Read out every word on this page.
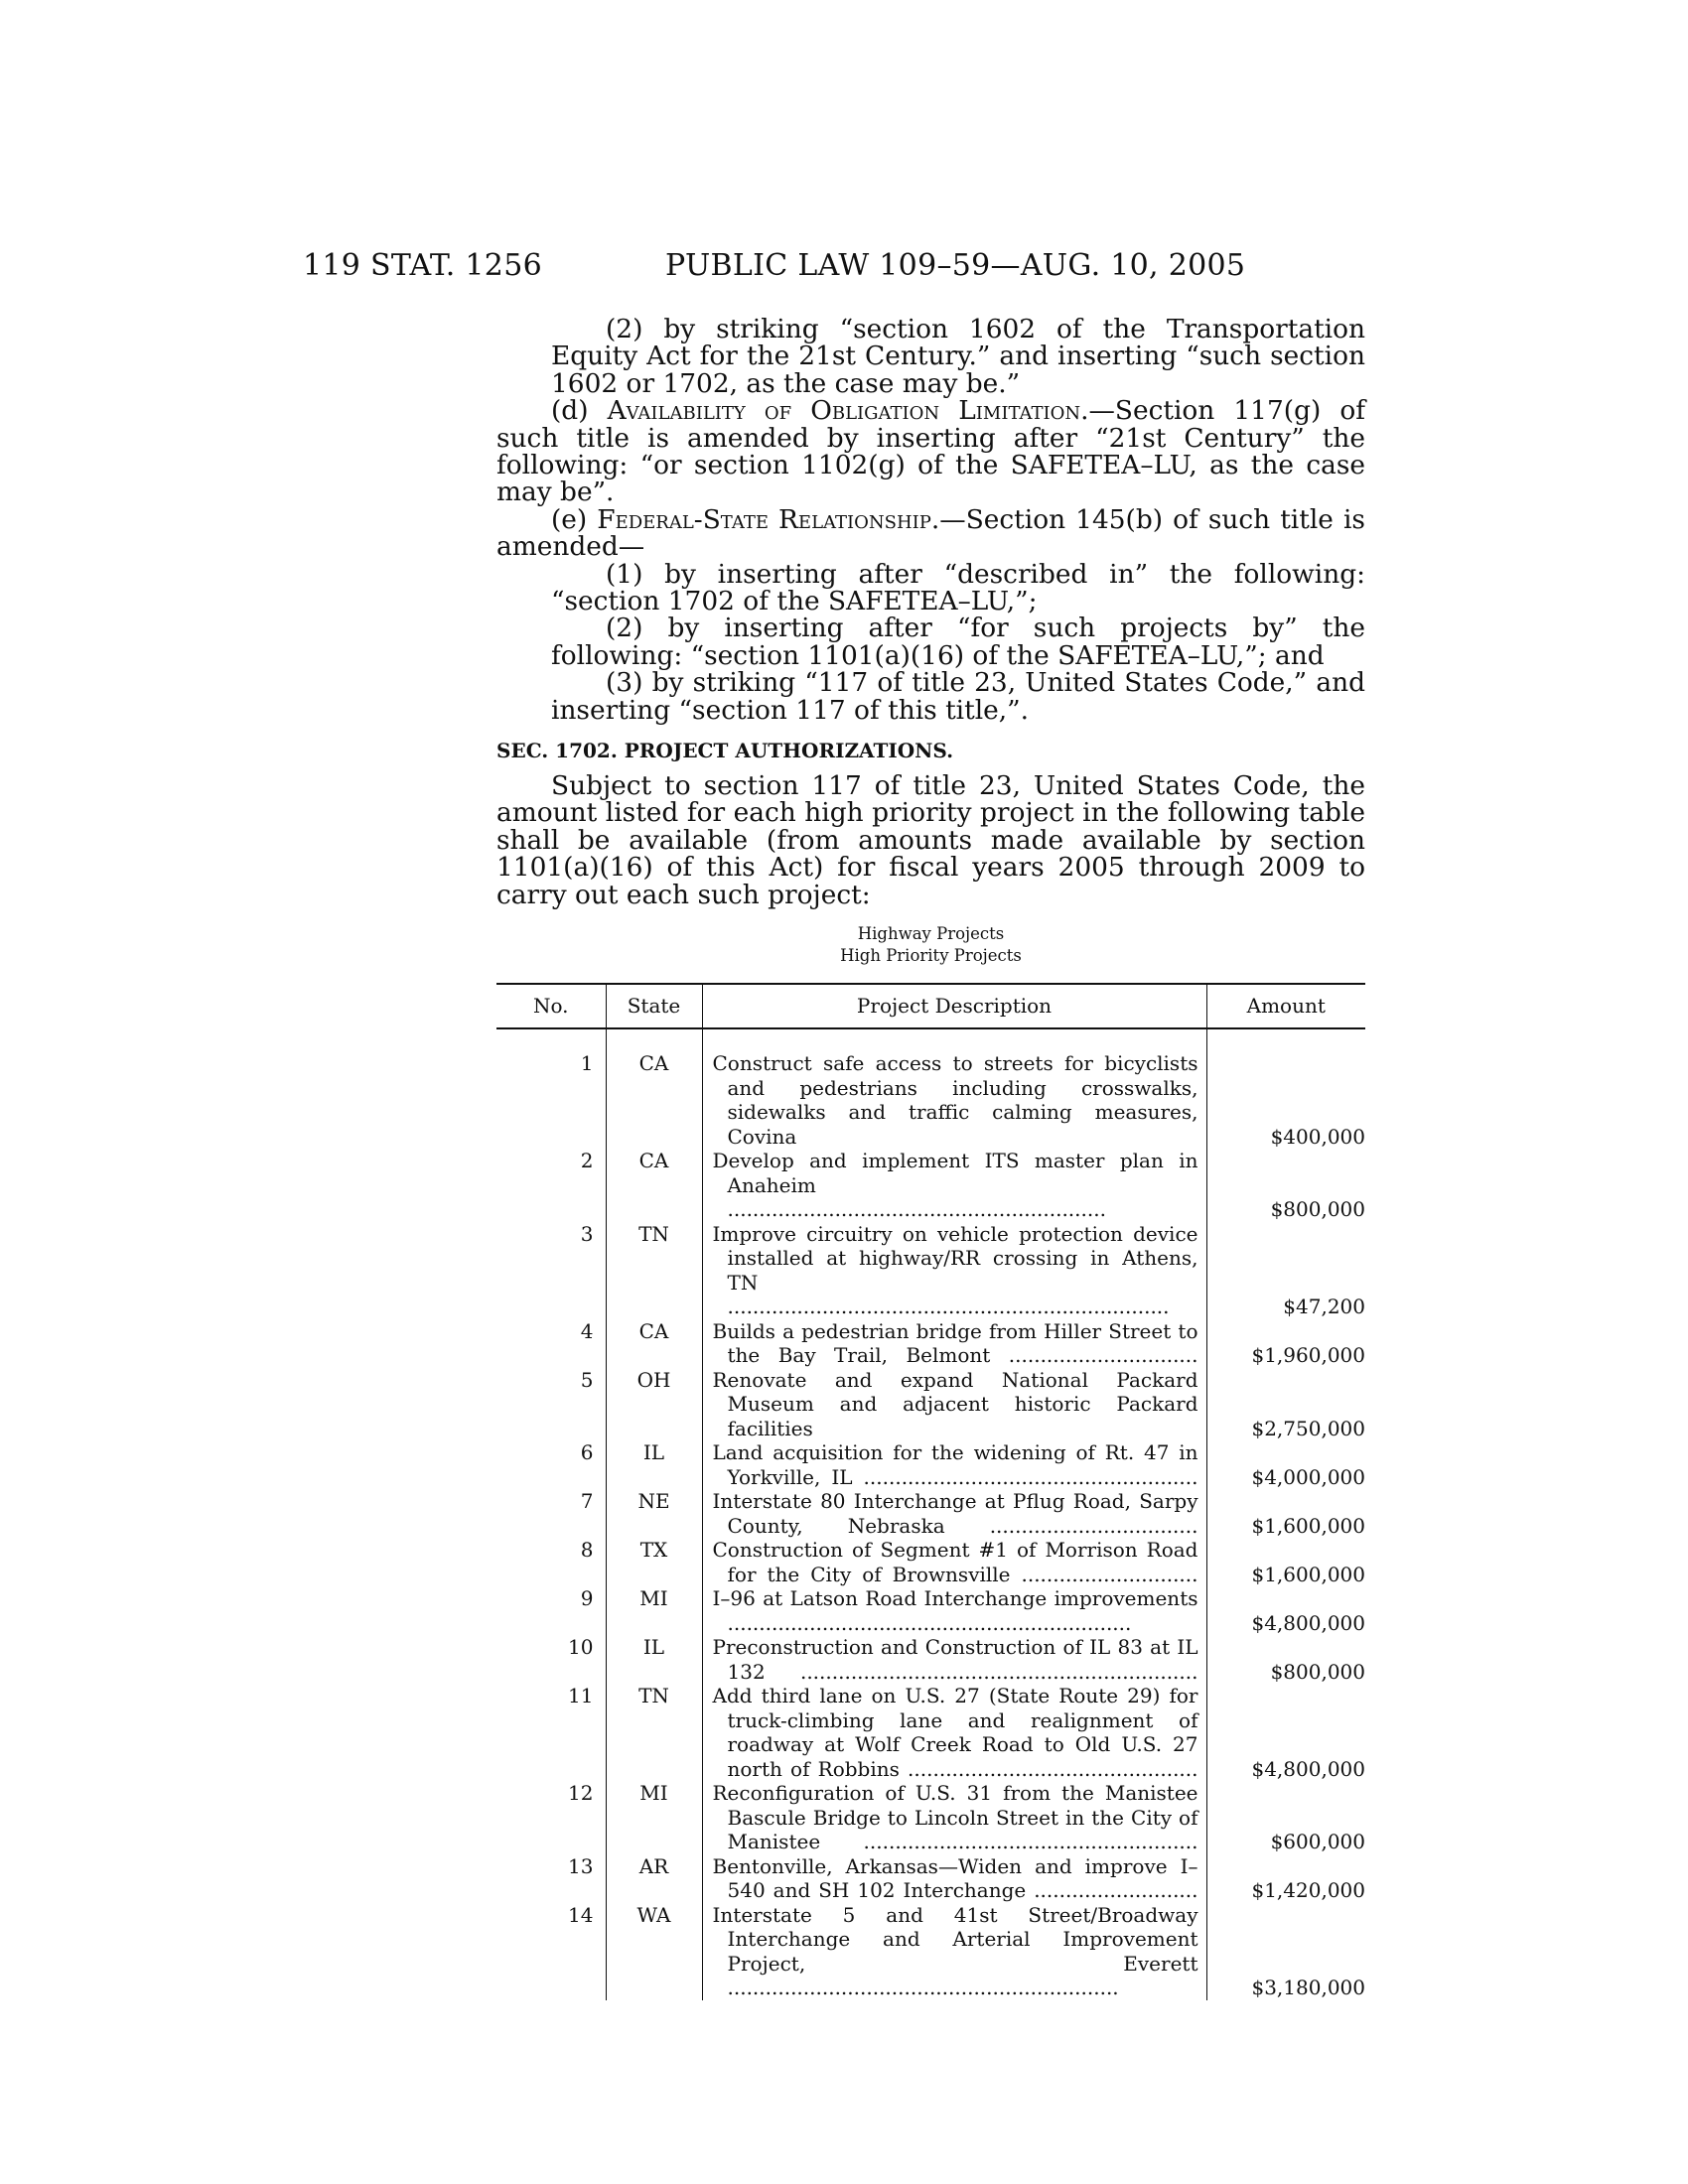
119 STAT. 1256	PUBLIC LAW 109–59—AUG. 10, 2005

(2) by striking “section 1602 of the Transportation Equity Act for the 21st Century.” and inserting “such section 1602 or 1702, as the case may be.”

(d) Availability of Obligation Limitation.—Section 117(g) of such title is amended by inserting after “21st Century” the following: “or section 1102(g) of the SAFETEA–LU, as the case may be”.

(e) Federal-State Relationship.—Section 145(b) of such title is amended—

(1) by inserting after “described in” the following: “section 1702 of the SAFETEA–LU,”;

(2) by inserting after “for such projects by” the following: “section 1101(a)(16) of the SAFETEA–LU,”; and

(3) by striking “117 of title 23, United States Code,” and inserting “section 117 of this title,”.

SEC. 1702. PROJECT AUTHORIZATIONS.

Subject to section 117 of title 23, United States Code, the amount listed for each high priority project in the following table shall be available (from amounts made available by section 1101(a)(16) of this Act) for fiscal years 2005 through 2009 to carry out each such project:

Highway Projects
High Priority Projects
No.	State	Project Description	Amount
1	CA	Construct safe access to streets for bicyclists and pedestrians including crosswalks, sidewalks and traffic calming measures, Covina	$400,000
2	CA	Develop and implement ITS master plan in Anaheim ............................................................	$800,000
3	TN	Improve circuitry on vehicle protection device installed at highway/RR crossing in Athens, TN ......................................................................	$47,200
4	CA	Builds a pedestrian bridge from Hiller Street to the Bay Trail, Belmont ..............................	$1,960,000
5	OH	Renovate and expand National Packard Museum and adjacent historic Packard facilities	$2,750,000
6	IL	Land acquisition for the widening of Rt. 47 in Yorkville, IL .....................................................	$4,000,000
7	NE	Interstate 80 Interchange at Pflug Road, Sarpy County, Nebraska .................................	$1,600,000
8	TX	Construction of Segment #1 of Morrison Road for the City of Brownsville ............................	$1,600,000
9	MI	I–96 at Latson Road Interchange improvements ................................................................	$4,800,000
10	IL	Preconstruction and Construction of IL 83 at IL 132 ...............................................................	$800,000
11	TN	Add third lane on U.S. 27 (State Route 29) for truck-climbing lane and realignment of roadway at Wolf Creek Road to Old U.S. 27 north of Robbins ..............................................	$4,800,000
12	MI	Reconfiguration of U.S. 31 from the Manistee Bascule Bridge to Lincoln Street in the City of Manistee .....................................................	$600,000
13	AR	Bentonville, Arkansas—Widen and improve I–540 and SH 102 Interchange ..........................	$1,420,000
14	WA	Interstate 5 and 41st Street/Broadway Interchange and Arterial Improvement Project, Everett ..............................................................	$3,180,000
